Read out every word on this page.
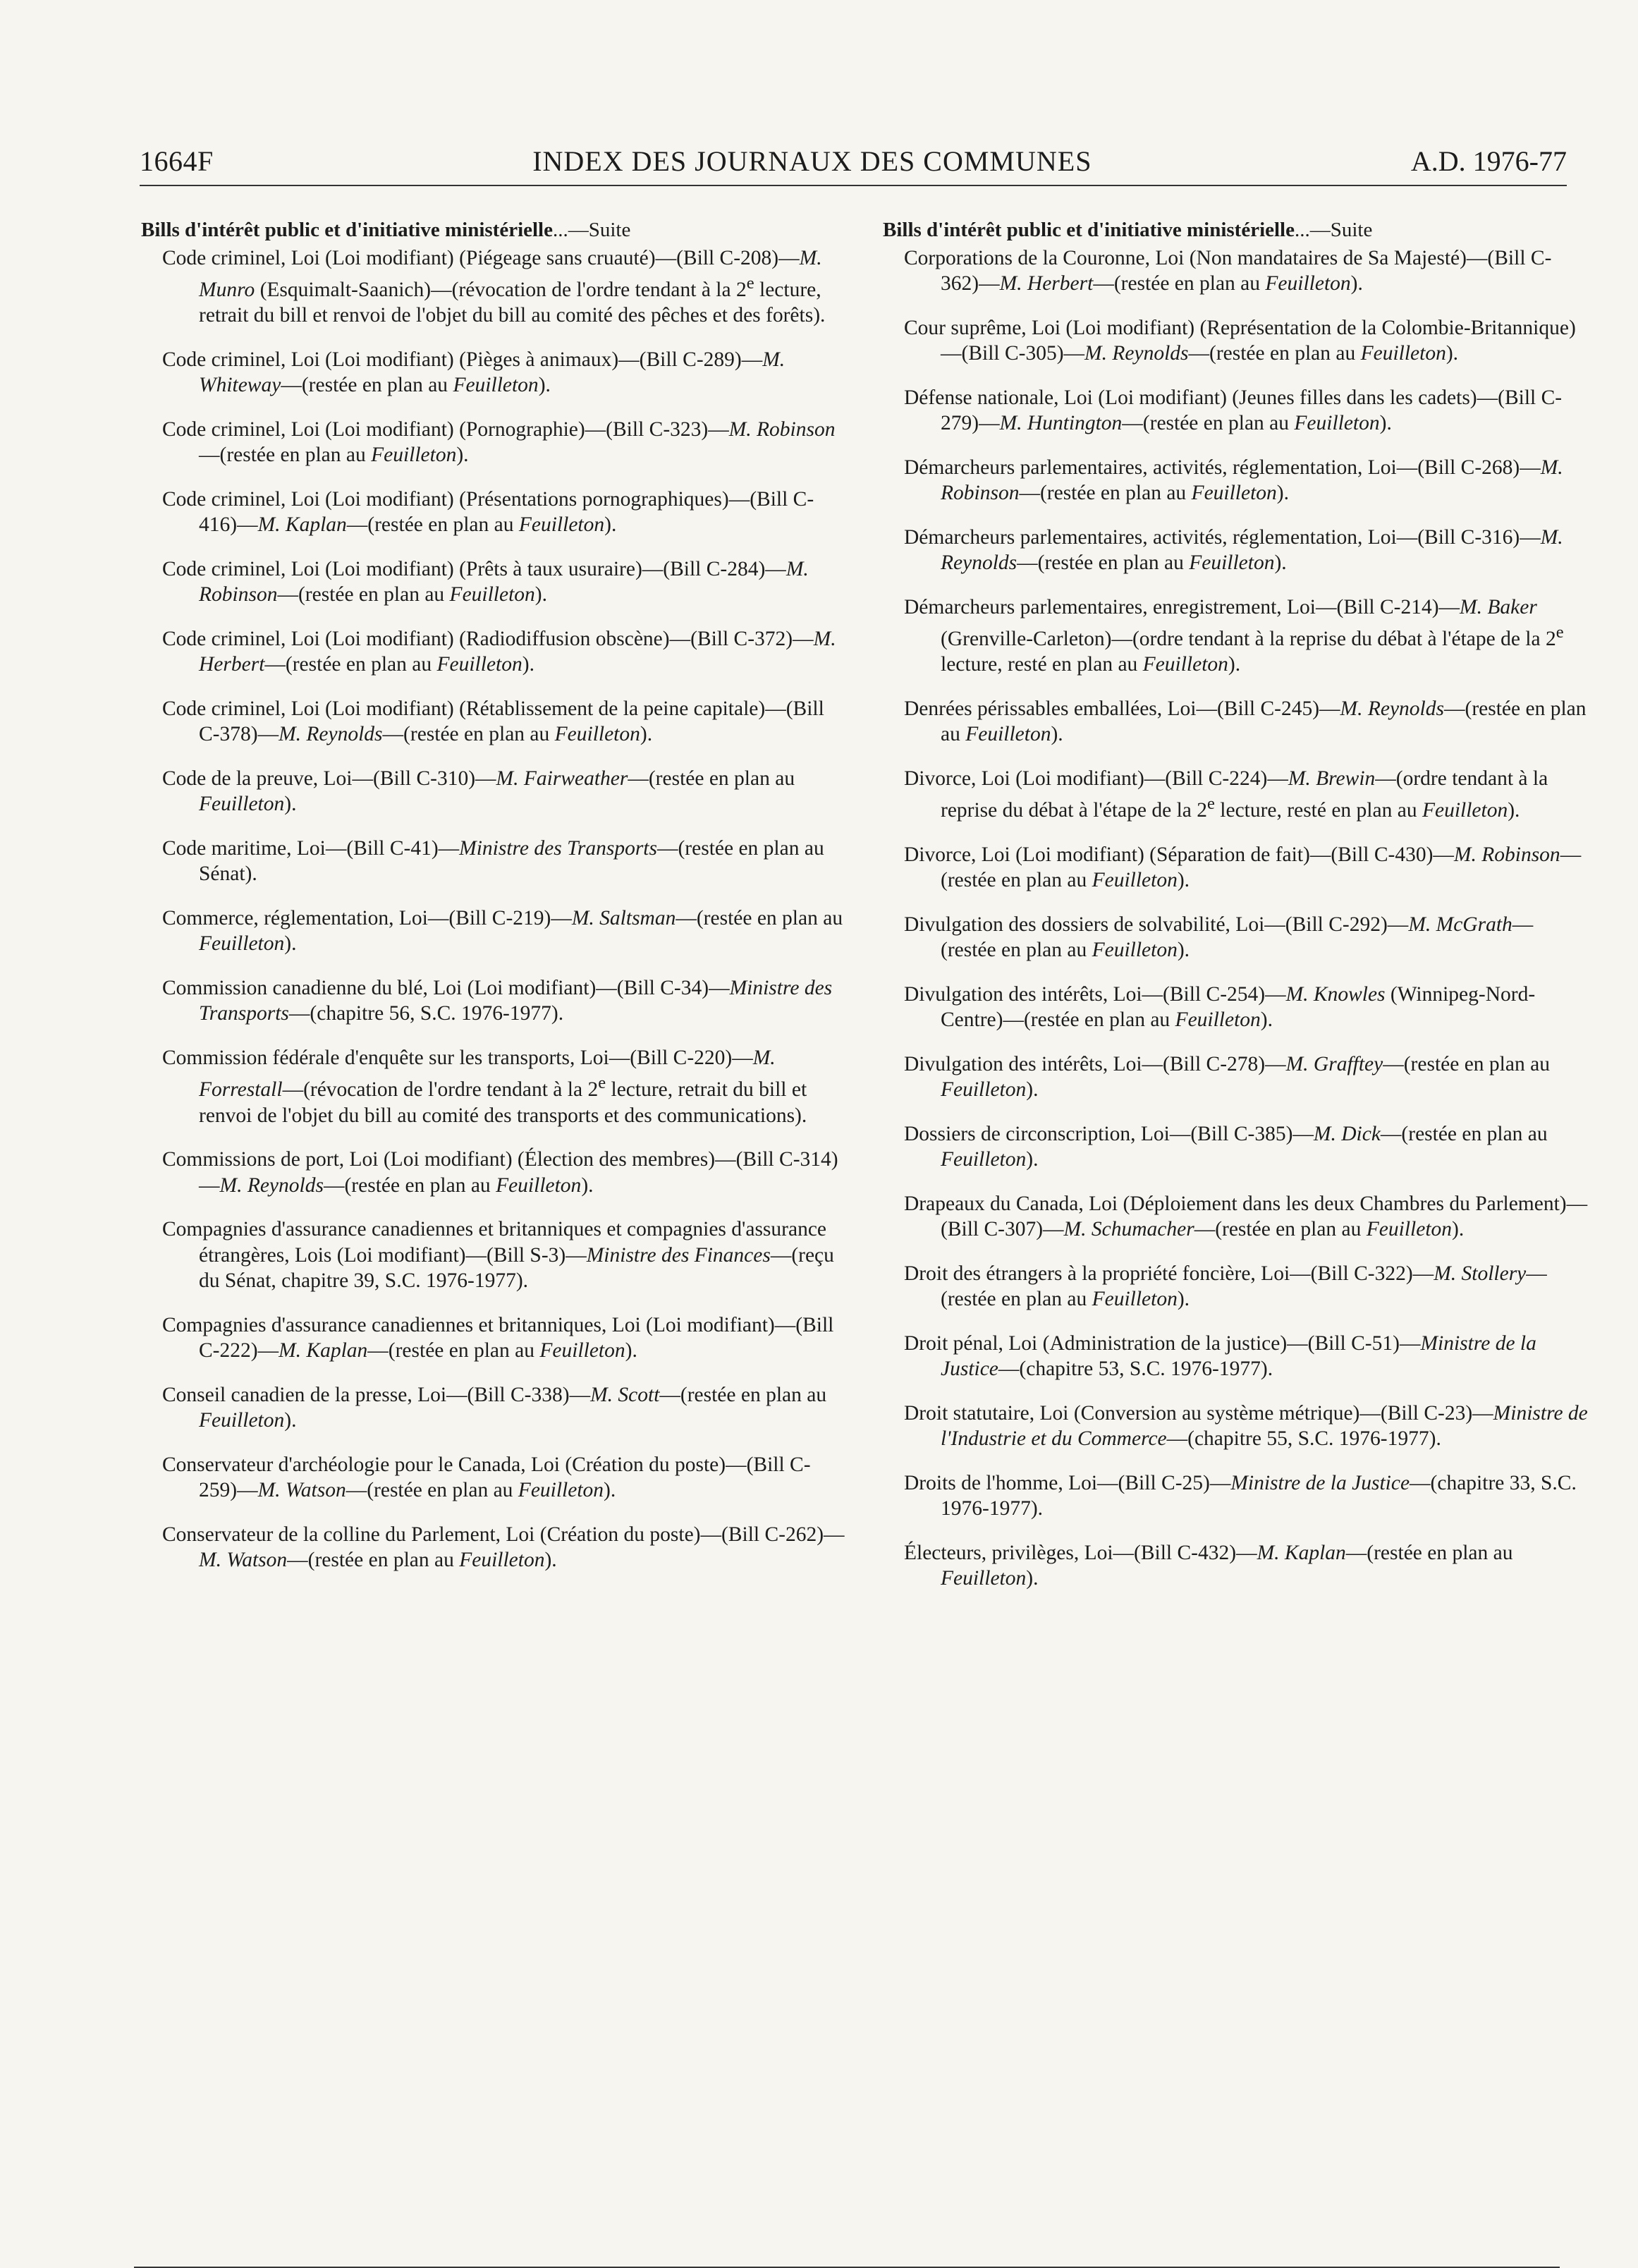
1664F	INDEX DES JOURNAUX DES COMMUNES	A.D. 1976-77
Bills d'intérêt public et d'initiative ministérielle...—Suite
Code criminel, Loi (Loi modifiant) (Piégeage sans cruauté)—(Bill C-208)—M. Munro (Esquimalt-Saanich)—(révocation de l'ordre tendant à la 2e lecture, retrait du bill et renvoi de l'objet du bill au comité des pêches et des forêts).
Code criminel, Loi (Loi modifiant) (Pièges à animaux)—(Bill C-289)—M. Whiteway—(restée en plan au Feuilleton).
Code criminel, Loi (Loi modifiant) (Pornographie)—(Bill C-323)—M. Robinson—(restée en plan au Feuilleton).
Code criminel, Loi (Loi modifiant) (Présentations pornographiques)—(Bill C-416)—M. Kaplan—(restée en plan au Feuilleton).
Code criminel, Loi (Loi modifiant) (Prêts à taux usuraire)—(Bill C-284)—M. Robinson—(restée en plan au Feuilleton).
Code criminel, Loi (Loi modifiant) (Radiodiffusion obscène)—(Bill C-372)—M. Herbert—(restée en plan au Feuilleton).
Code criminel, Loi (Loi modifiant) (Rétablissement de la peine capitale)—(Bill C-378)—M. Reynolds—(restée en plan au Feuilleton).
Code de la preuve, Loi—(Bill C-310)—M. Fairweather—(restée en plan au Feuilleton).
Code maritime, Loi—(Bill C-41)—Ministre des Transports—(restée en plan au Sénat).
Commerce, réglementation, Loi—(Bill C-219)—M. Saltsman—(restée en plan au Feuilleton).
Commission canadienne du blé, Loi (Loi modifiant)—(Bill C-34)—Ministre des Transports—(chapitre 56, S.C. 1976-1977).
Commission fédérale d'enquête sur les transports, Loi—(Bill C-220)—M. Forrestall—(révocation de l'ordre tendant à la 2e lecture, retrait du bill et renvoi de l'objet du bill au comité des transports et des communications).
Commissions de port, Loi (Loi modifiant) (Élection des membres)—(Bill C-314)—M. Reynolds—(restée en plan au Feuilleton).
Compagnies d'assurance canadiennes et britanniques et compagnies d'assurance étrangères, Lois (Loi modifiant)—(Bill S-3)—Ministre des Finances—(reçu du Sénat, chapitre 39, S.C. 1976-1977).
Compagnies d'assurance canadiennes et britanniques, Loi (Loi modifiant)—(Bill C-222)—M. Kaplan—(restée en plan au Feuilleton).
Conseil canadien de la presse, Loi—(Bill C-338)—M. Scott—(restée en plan au Feuilleton).
Conservateur d'archéologie pour le Canada, Loi (Création du poste)—(Bill C-259)—M. Watson—(restée en plan au Feuilleton).
Conservateur de la colline du Parlement, Loi (Création du poste)—(Bill C-262)—M. Watson—(restée en plan au Feuilleton).
Bills d'intérêt public et d'initiative ministérielle...—Suite
Corporations de la Couronne, Loi (Non mandataires de Sa Majesté)—(Bill C-362)—M. Herbert—(restée en plan au Feuilleton).
Cour suprême, Loi (Loi modifiant) (Représentation de la Colombie-Britannique)—(Bill C-305)—M. Reynolds—(restée en plan au Feuilleton).
Défense nationale, Loi (Loi modifiant) (Jeunes filles dans les cadets)—(Bill C-279)—M. Huntington—(restée en plan au Feuilleton).
Démarcheurs parlementaires, activités, réglementation, Loi—(Bill C-268)—M. Robinson—(restée en plan au Feuilleton).
Démarcheurs parlementaires, activités, réglementation, Loi—(Bill C-316)—M. Reynolds—(restée en plan au Feuilleton).
Démarcheurs parlementaires, enregistrement, Loi—(Bill C-214)—M. Baker (Grenville-Carleton)—(ordre tendant à la reprise du débat à l'étape de la 2e lecture, resté en plan au Feuilleton).
Denrées périssables emballées, Loi—(Bill C-245)—M. Reynolds—(restée en plan au Feuilleton).
Divorce, Loi (Loi modifiant)—(Bill C-224)—M. Brewin—(ordre tendant à la reprise du débat à l'étape de la 2e lecture, resté en plan au Feuilleton).
Divorce, Loi (Loi modifiant) (Séparation de fait)—(Bill C-430)—M. Robinson—(restée en plan au Feuilleton).
Divulgation des dossiers de solvabilité, Loi—(Bill C-292)—M. McGrath—(restée en plan au Feuilleton).
Divulgation des intérêts, Loi—(Bill C-254)—M. Knowles (Winnipeg-Nord-Centre)—(restée en plan au Feuilleton).
Divulgation des intérêts, Loi—(Bill C-278)—M. Grafftey—(restée en plan au Feuilleton).
Dossiers de circonscription, Loi—(Bill C-385)—M. Dick—(restée en plan au Feuilleton).
Drapeaux du Canada, Loi (Déploiement dans les deux Chambres du Parlement)—(Bill C-307)—M. Schumacher—(restée en plan au Feuilleton).
Droit des étrangers à la propriété foncière, Loi—(Bill C-322)—M. Stollery—(restée en plan au Feuilleton).
Droit pénal, Loi (Administration de la justice)—(Bill C-51)—Ministre de la Justice—(chapitre 53, S.C. 1976-1977).
Droit statutaire, Loi (Conversion au système métrique)—(Bill C-23)—Ministre de l'Industrie et du Commerce—(chapitre 55, S.C. 1976-1977).
Droits de l'homme, Loi—(Bill C-25)—Ministre de la Justice—(chapitre 33, S.C. 1976-1977).
Électeurs, privilèges, Loi—(Bill C-432)—M. Kaplan—(restée en plan au Feuilleton).
